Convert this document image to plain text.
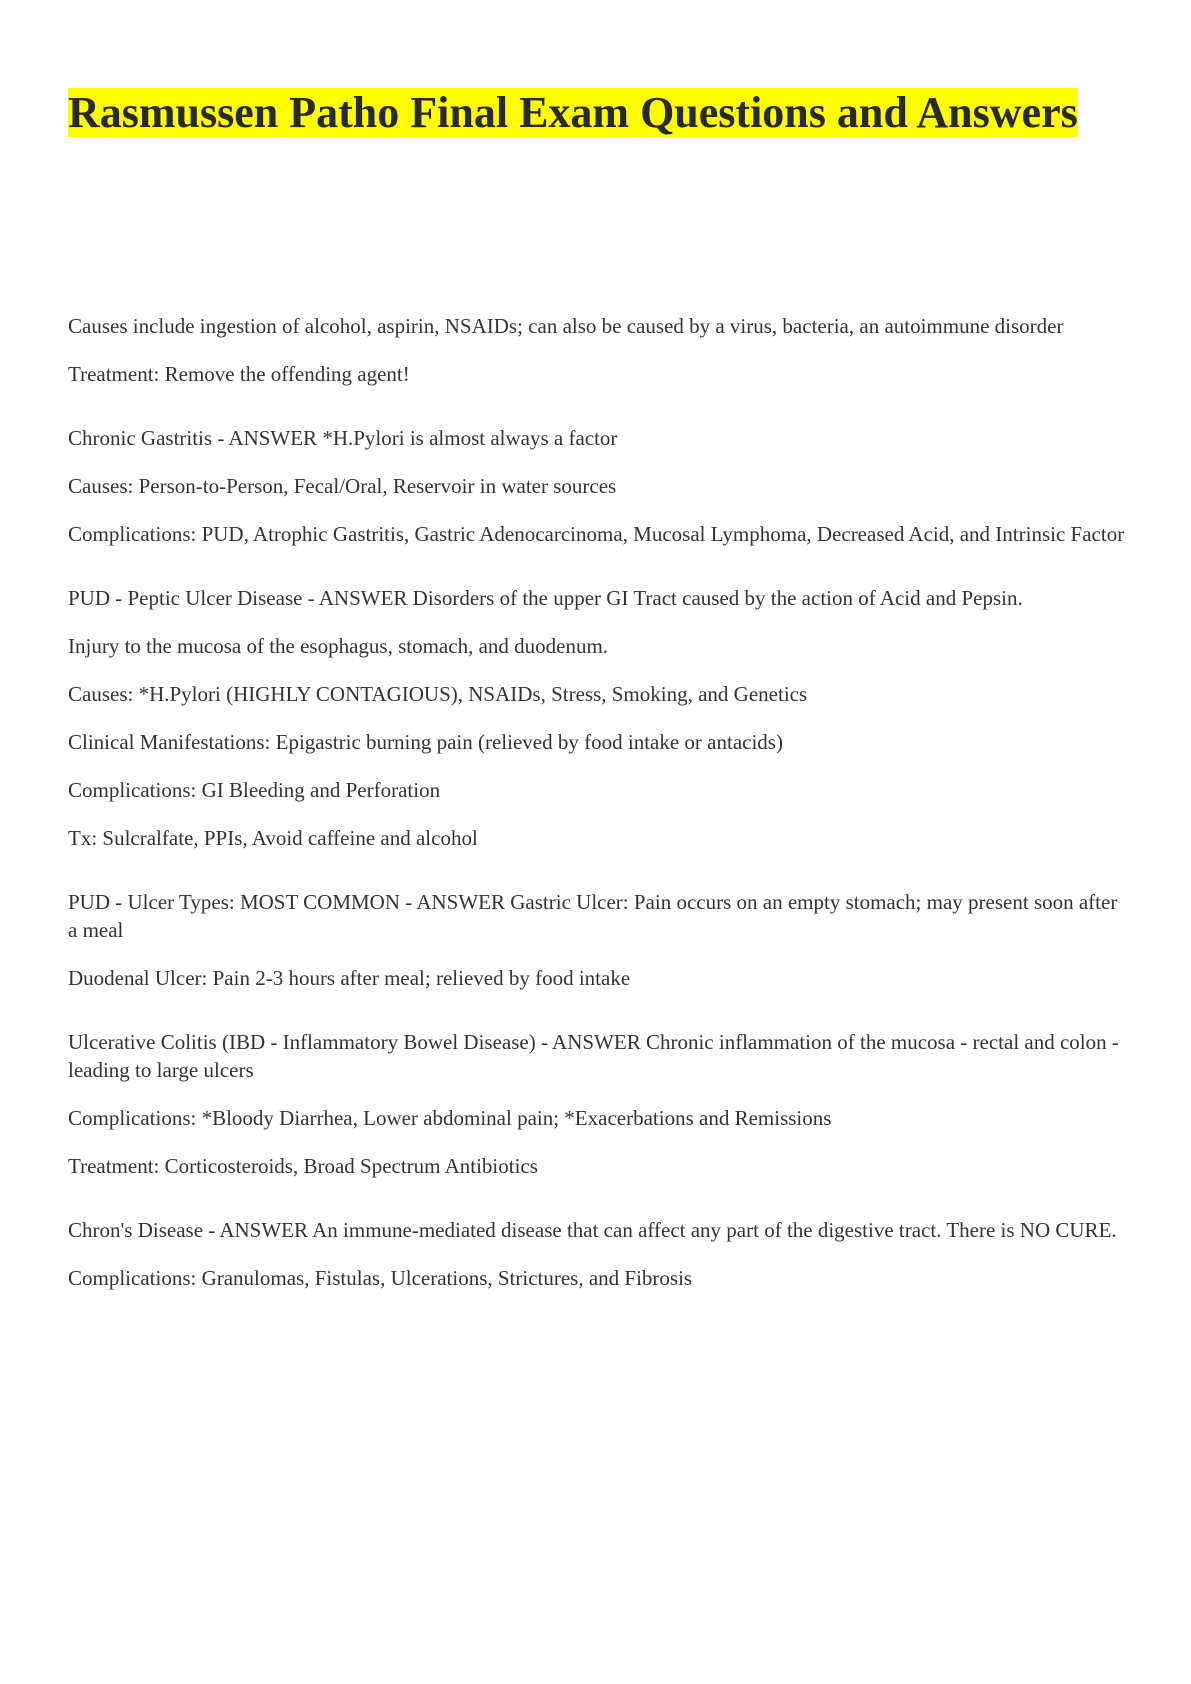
Rasmussen Patho Final Exam Questions and Answers

Causes include ingestion of alcohol, aspirin, NSAIDs; can also be caused by a virus, bacteria, an autoimmune disorder

Treatment: Remove the offending agent!

Chronic Gastritis - ANSWER *H.Pylori is almost always a factor

Causes: Person-to-Person, Fecal/Oral, Reservoir in water sources

Complications: PUD, Atrophic Gastritis, Gastric Adenocarcinoma, Mucosal Lymphoma, Decreased Acid, and Intrinsic Factor

PUD - Peptic Ulcer Disease - ANSWER Disorders of the upper GI Tract caused by the action of Acid and Pepsin.

Injury to the mucosa of the esophagus, stomach, and duodenum.

Causes: *H.Pylori (HIGHLY CONTAGIOUS), NSAIDs, Stress, Smoking, and Genetics

Clinical Manifestations: Epigastric burning pain (relieved by food intake or antacids)

Complications: GI Bleeding and Perforation

Tx: Sulcralfate, PPIs, Avoid caffeine and alcohol

PUD - Ulcer Types: MOST COMMON - ANSWER Gastric Ulcer: Pain occurs on an empty stomach; may present soon after a meal

Duodenal Ulcer: Pain 2-3 hours after meal; relieved by food intake

Ulcerative Colitis (IBD - Inflammatory Bowel Disease) - ANSWER Chronic inflammation of the mucosa - rectal and colon - leading to large ulcers

Complications: *Bloody Diarrhea, Lower abdominal pain; *Exacerbations and Remissions

Treatment: Corticosteroids, Broad Spectrum Antibiotics

Chron's Disease - ANSWER An immune-mediated disease that can affect any part of the digestive tract. There is NO CURE.

Complications: Granulomas, Fistulas, Ulcerations, Strictures, and Fibrosis
